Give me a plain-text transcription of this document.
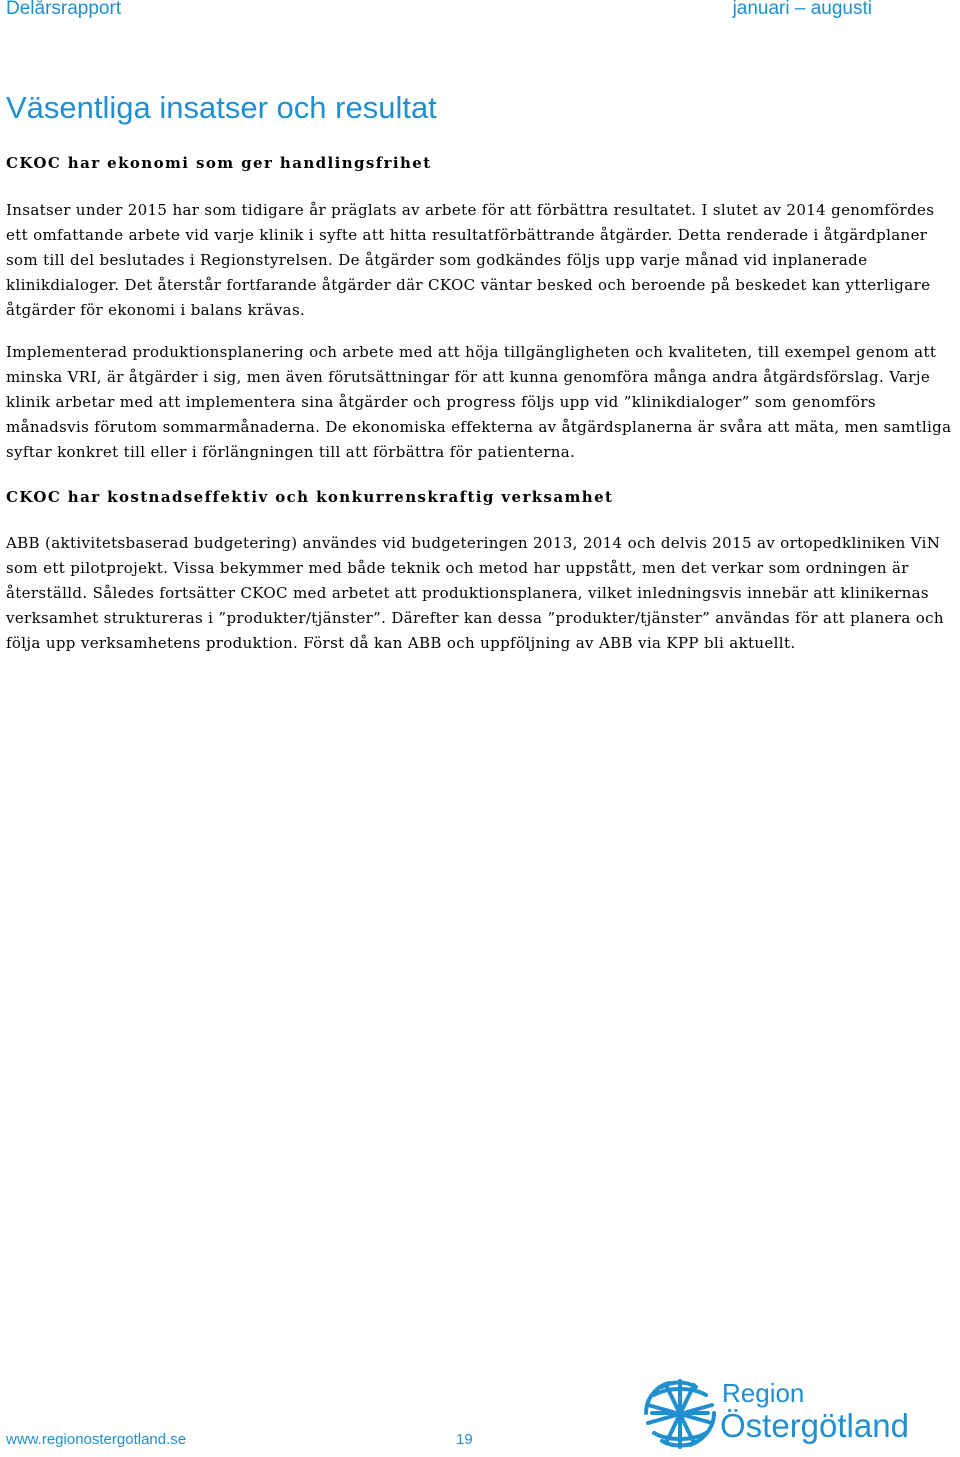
Delårsrapport	januari – augusti
Väsentliga insatser och resultat
CKOC har ekonomi som ger handlingsfrihet

Insatser under 2015 har som tidigare år präglats av arbete för att förbättra resultatet. I slutet av 2014 genomfördes ett omfattande arbete vid varje klinik i syfte att hitta resultatförbättrande åtgärder. Detta renderade i åtgärdplaner som till del beslutades i Regionstyrelsen. De åtgärder som godkändes följs upp varje månad vid inplanerade klinikdialoger. Det återstår fortfarande åtgärder där CKOC väntar besked och beroende på beskedet kan ytterligare åtgärder för ekonomi i balans krävas.

Implementerad produktionsplanering och arbete med att höja tillgängligheten och kvaliteten, till exempel genom att minska VRI, är åtgärder i sig, men även förutsättningar för att kunna genomföra många andra åtgärdsförslag. Varje klinik arbetar med att implementera sina åtgärder och progress följs upp vid ”klinikdialoger” som genomförs månadsvis förutom sommarmånaderna. De ekonomiska effekterna av åtgärdsplanerna är svåra att mäta, men samtliga syftar konkret till eller i förlängningen till att förbättra för patienterna.

CKOC har kostnadseffektiv och konkurrenskraftig verksamhet

ABB (aktivitetsbaserad budgetering) användes vid budgeteringen 2013, 2014 och delvis 2015 av ortopedkliniken ViN som ett pilotprojekt. Vissa bekymmer med både teknik och metod har uppstått, men det verkar som ordningen är återställd. Således fortsätter CKOC med arbetet att produktionsplanera, vilket inledningsvis innebär att klinikernas verksamhet struktureras i ”produkter/tjänster”. Därefter kan dessa ”produkter/tjänster” användas för att planera och följa upp verksamhetens produktion. Först då kan ABB och uppföljning av ABB via KPP bli aktuellt.

www.regionostergotland.se	19
Region
Östergötland
